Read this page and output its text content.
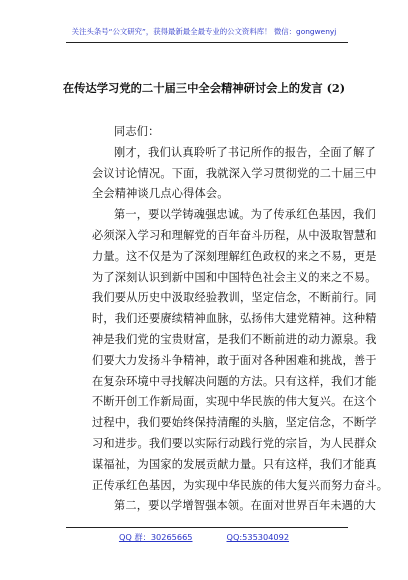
关注头条号“公文研究”，获得最新最全最专业的公文资料库！ 微信：gongwenyj
在传达学习党的二十届三中全会精神研讨会上的发言 (2)
同志们：
刚才，我们认真聆听了书记所作的报告，全面了解了
会议讨论情况。下面，我就深入学习贯彻党的二十届三中
全会精神谈几点心得体会。
第一，要以学铸魂强忠诚。为了传承红色基因，我们
必须深入学习和理解党的百年奋斗历程，从中汲取智慧和
力量。这不仅是为了深刻理解红色政权的来之不易，更是
为了深刻认识到新中国和中国特色社会主义的来之不易。
我们要从历史中汲取经验教训，坚定信念，不断前行。同
时，我们还要赓续精神血脉，弘扬伟大建党精神。这种精
神是我们党的宝贵财富，是我们不断前进的动力源泉。我
们要大力发扬斗争精神，敢于面对各种困难和挑战，善于
在复杂环境中寻找解决问题的方法。只有这样，我们才能
不断开创工作新局面，实现中华民族的伟大复兴。在这个
过程中，我们要始终保持清醒的头脑，坚定信念，不断学
习和进步。我们要以实际行动践行党的宗旨，为人民群众
谋福祉，为国家的发展贡献力量。只有这样，我们才能真
正传承红色基因，为实现中华民族的伟大复兴而努力奋斗。
第二，要以学增智强本领。在面对世界百年未遇的大
QQ 群：30265665	QQ:535304092
